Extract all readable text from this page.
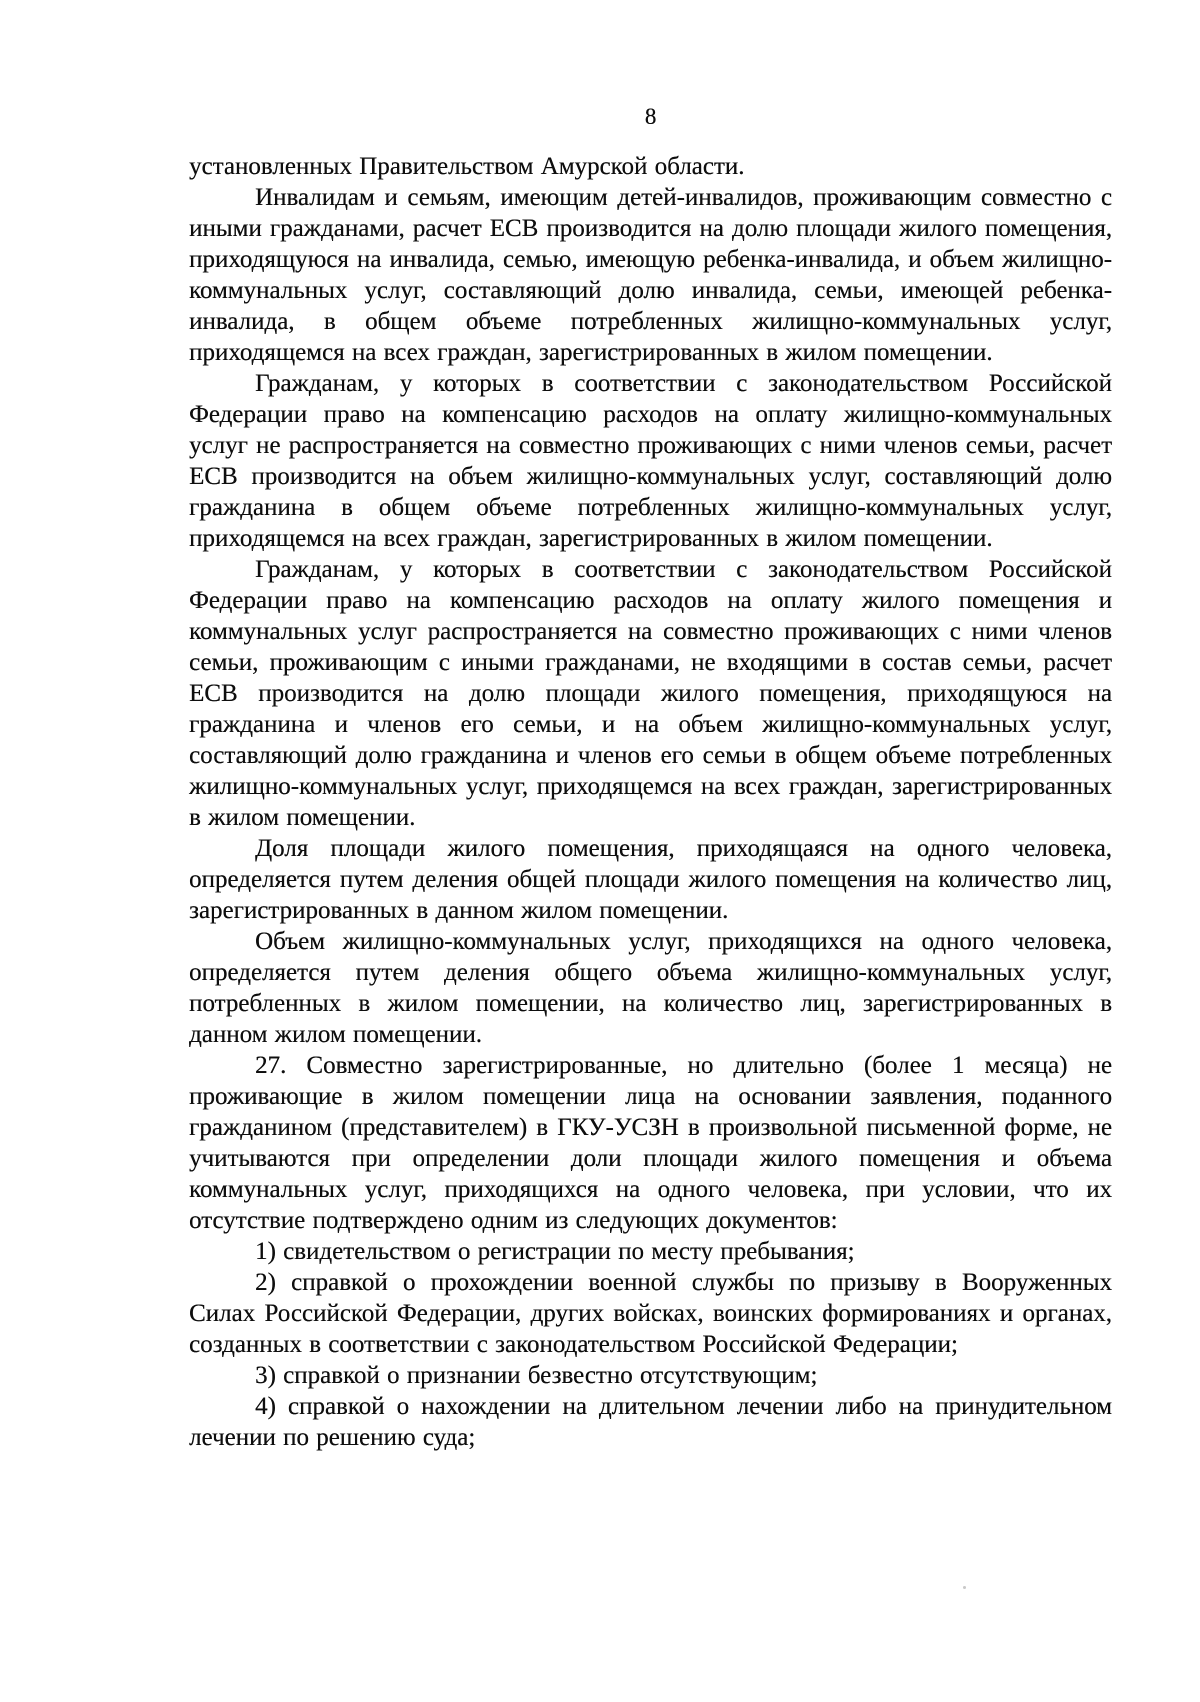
8

установленных Правительством Амурской области.

Инвалидам и семьям, имеющим детей-инвалидов, проживающим совместно с иными гражданами, расчет ЕСВ производится на долю площади жилого помещения, приходящуюся на инвалида, семью, имеющую ребенка-инвалида, и объем жилищно-коммунальных услуг, составляющий долю инвалида, семьи, имеющей ребенка-инвалида, в общем объеме потребленных жилищно-коммунальных услуг, приходящемся на всех граждан, зарегистрированных в жилом помещении.

Гражданам, у которых в соответствии с законодательством Российской Федерации право на компенсацию расходов на оплату жилищно-коммунальных услуг не распространяется на совместно проживающих с ними членов семьи, расчет ЕСВ производится на объем жилищно-коммунальных услуг, составляющий долю гражданина в общем объеме потребленных жилищно-коммунальных услуг, приходящемся на всех граждан, зарегистрированных в жилом помещении.

Гражданам, у которых в соответствии с законодательством Российской Федерации право на компенсацию расходов на оплату жилого помещения и коммунальных услуг распространяется на совместно проживающих с ними членов семьи, проживающим с иными гражданами, не входящими в состав семьи, расчет ЕСВ производится на долю площади жилого помещения, приходящуюся на гражданина и членов его семьи, и на объем жилищно-коммунальных услуг, составляющий долю гражданина и членов его семьи в общем объеме потребленных жилищно-коммунальных услуг, приходящемся на всех граждан, зарегистрированных в жилом помещении.

Доля площади жилого помещения, приходящаяся на одного человека, определяется путем деления общей площади жилого помещения на количество лиц, зарегистрированных в данном жилом помещении.

Объем жилищно-коммунальных услуг, приходящихся на одного человека, определяется путем деления общего объема жилищно-коммунальных услуг, потребленных в жилом помещении, на количество лиц, зарегистрированных в данном жилом помещении.

27. Совместно зарегистрированные, но длительно (более 1 месяца) не проживающие в жилом помещении лица на основании заявления, поданного гражданином (представителем) в ГКУ-УСЗН в произвольной письменной форме, не учитываются при определении доли площади жилого помещения и объема коммунальных услуг, приходящихся на одного человека, при условии, что их отсутствие подтверждено одним из следующих документов:

1) свидетельством о регистрации по месту пребывания;

2) справкой о прохождении военной службы по призыву в Вооруженных Силах Российской Федерации, других войсках, воинских формированиях и органах, созданных в соответствии с законодательством Российской Федерации;

3) справкой о признании безвестно отсутствующим;

4) справкой о нахождении на длительном лечении либо на принудительном лечении по решению суда;
